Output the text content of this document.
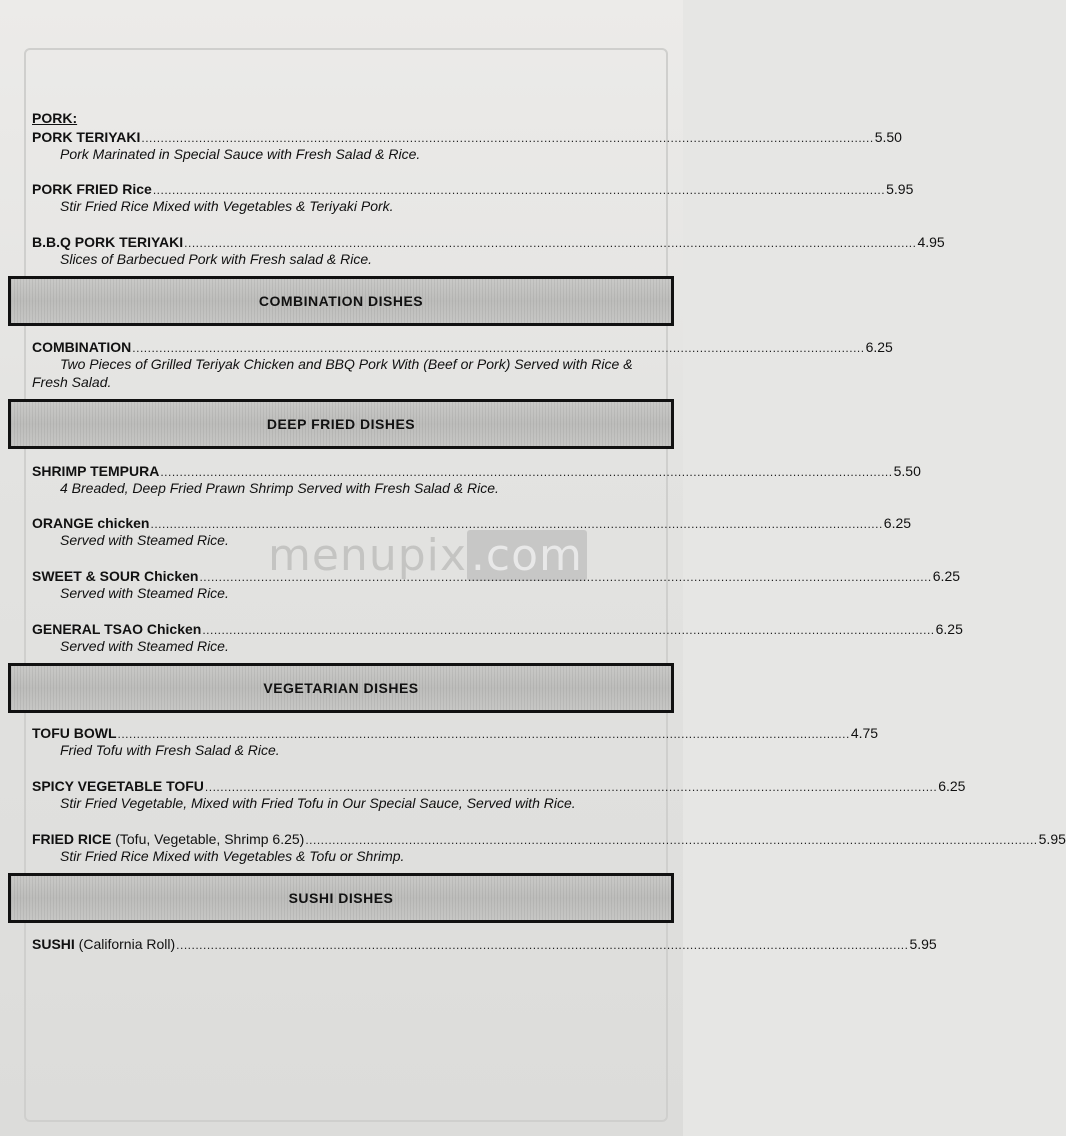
menupix.com
PORK:
PORK TERIYAKI ............................................................................................................................................................................................... 5.50
Pork Marinated in Special Sauce with Fresh Salad & Rice.
PORK FRIED Rice ............................................................................................................................................................................................... 5.95
Stir Fried Rice Mixed with Vegetables & Teriyaki Pork.
B.B.Q PORK TERIYAKI ............................................................................................................................................................................................... 4.95
Slices of Barbecued Pork with Fresh salad & Rice.
COMBINATION DISHES
COMBINATION ............................................................................................................................................................................................... 6.25
Two Pieces of Grilled Teriyak Chicken and BBQ Pork With (Beef or Pork) Served with Rice & Fresh Salad.
DEEP FRIED DISHES
SHRIMP TEMPURA ............................................................................................................................................................................................... 5.50
4 Breaded, Deep Fried Prawn Shrimp Served with Fresh Salad & Rice.
ORANGE chicken ............................................................................................................................................................................................... 6.25
Served with Steamed Rice.
SWEET & SOUR Chicken ............................................................................................................................................................................................... 6.25
Served with Steamed Rice.
GENERAL TSAO Chicken ............................................................................................................................................................................................... 6.25
Served with Steamed Rice.
VEGETARIAN DISHES
TOFU BOWL ............................................................................................................................................................................................... 4.75
Fried Tofu with Fresh Salad & Rice.
SPICY VEGETABLE TOFU ............................................................................................................................................................................................... 6.25
Stir Fried Vegetable, Mixed with Fried Tofu in Our Special Sauce, Served with Rice.
FRIED RICE (Tofu, Vegetable, Shrimp 6.25) ............................................................................................................................................................................................... 5.95
Stir Fried Rice Mixed with Vegetables & Tofu or Shrimp.
SUSHI DISHES
SUSHI (California Roll) ............................................................................................................................................................................................... 5.95
